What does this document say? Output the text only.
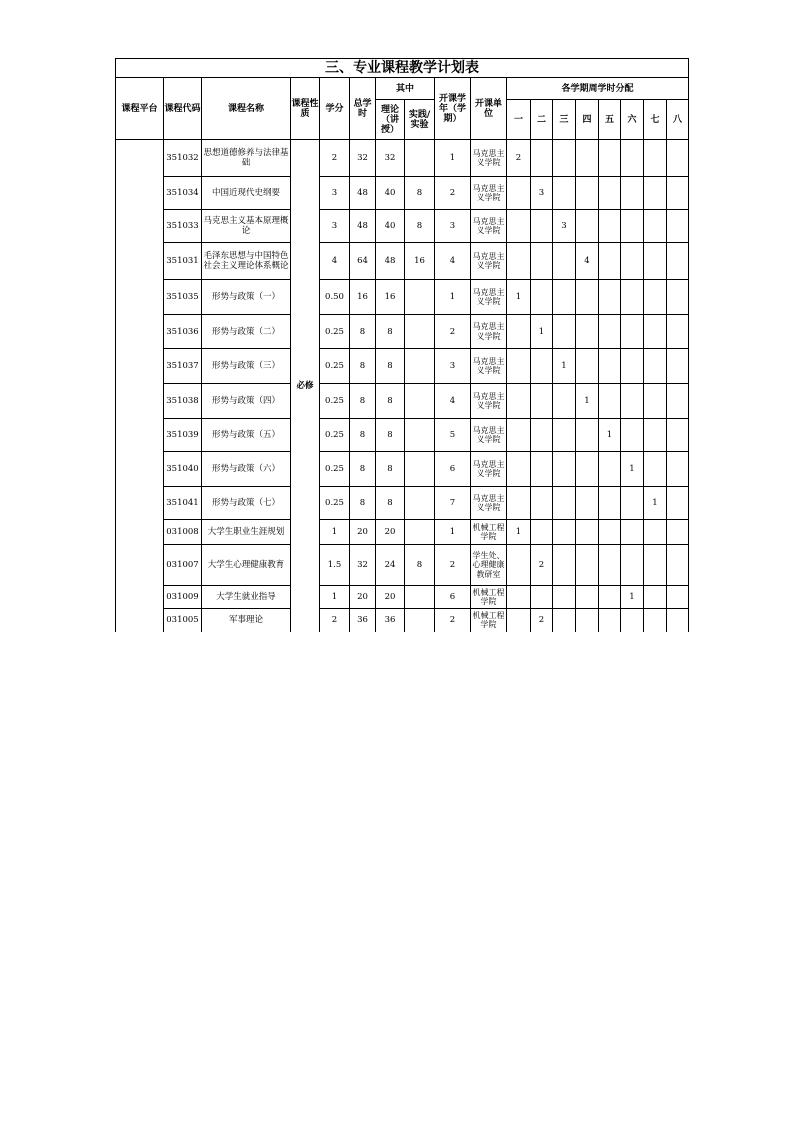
三、专业课程教学计划表																	
课程平台	课程代码	课程名称	课程性质	学分	总学时	其中		开课学年（学期）	开课单位	各学期周学时分配							
						理论（讲授）	实践/实验			一	二	三	四	五	六	七	八
	351032	思想道德修养与法律基础	必修	2	32	32		1	马克思主义学院	2							
	351034	中国近现代史纲要		3	48	40	8	2	马克思主义学院		3						
	351033	马克思主义基本原理概论		3	48	40	8	3	马克思主义学院			3					
	351031	毛泽东思想与中国特色社会主义理论体系概论		4	64	48	16	4	马克思主义学院				4				
	351035	形势与政策（一）		0.50	16	16		1	马克思主义学院	1							
	351036	形势与政策（二）		0.25	8	8		2	马克思主义学院		1						
	351037	形势与政策（三）		0.25	8	8		3	马克思主义学院			1					
	351038	形势与政策（四）		0.25	8	8		4	马克思主义学院				1				
	351039	形势与政策（五）		0.25	8	8		5	马克思主义学院					1			
	351040	形势与政策（六）		0.25	8	8		6	马克思主义学院						1		
	351041	形势与政策（七）		0.25	8	8		7	马克思主义学院							1	
	031008	大学生职业生涯规划		1	20	20		1	机械工程学院	1							
	031007	大学生心理健康教育		1.5	32	24	8	2	学生处、心理健康教研室		2						
	031009	大学生就业指导		1	20	20		6	机械工程学院						1		
	031005	军事理论		2	36	36		2	机械工程学院		2						
